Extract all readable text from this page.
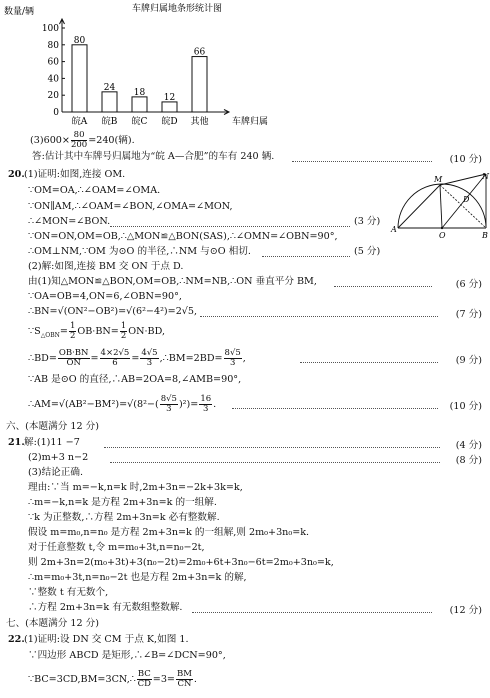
0
20
40
60
80
100
数量/辆	车牌归属地条形统计图
车牌归属
80
皖A
24
皖B
18
皖C
12
皖D
66
其他
$(3)600\times \frac{80}{200} =240$(辆).
答:估计其中车牌号归属地为“皖 A—合肥”的车有 240 辆.	(10 分)
20. (1)证明:如图,连接 OM.
∵OM=OA,∴∠OAM=∠OMA.
∵ON∥AM,∴∠OAM=∠BON,∠OMA=∠MON,
∴∠MON=∠BON.	(3 分)
∵ON=ON,OM=OB,∴△MON≌△BON(SAS),∴∠OMN=∠OBN=90°,
∴OM⊥NM,∵OM 为⊙O 的半径,∴NM 与⊙O 相切.	(5 分)
(2)解:如图,连接 BM 交 ON 于点 D.
由(1)知△MON≌△BON,OM=OB,∴NM=NB,∴ON 垂直平分 BM,	(6 分)
∵OA=OB=4,ON=6,∠OBN=90°,
∴BN=√(ON²−OB²)=√(6²−4²)=2√5,	(7 分)
$\because S_{\triangle OBN}= \frac{1}{2} OB\cdot BN= \frac{1}{2} ON\cdot BD$,
∴BD= $\frac{OB\cdot BN}{ON} = \frac{4\times 2√5}{6} = \frac{4√5}{3}$ ,∴BM=2BD= $\frac{8√5}{3}$ ,	(9 分)
∵AB 是⊙O 的直径,∴AB=2OA=8,∠AMB=90°,
∴AM=√(AB²−BM²)=√(8²−( $\frac{8√5}{3} )^2)= \frac{16}{3}$ .	(10 分)
六、(本题满分 12 分)
21. 解:(1)11 −7	(4 分)
(2)m+3 n−2	(8 分)
(3)结论正确.
理由:∵当 m=−k,n=k 时,2m+3n=−2k+3k=k,
∴m=−k,n=k 是方程 2m+3n=k 的一组解.
∵k 为正整数,∴方程 2m+3n=k 必有整数解.
假设 m=m₀,n=n₀ 是方程 2m+3n=k 的一组解,则 2m₀+3n₀=k.
对于任意整数 t,令 m=m₀+3t,n=n₀−2t,
则 2m+3n=2(m₀+3t)+3(n₀−2t)=2m₀+6t+3n₀−6t=2m₀+3n₀=k,
∴m=m₀+3t,n=n₀−2t 也是方程 2m+3n=k 的解,
∵整数 t 有无数个,
∴方程 2m+3n=k 有无数组整数解.	(12 分)
七、(本题满分 12 分)
22. (1)证明:设 DN 交 CM 于点 K,如图 1.
∵四边形 ABCD 是矩形,∴∠B=∠DCN=90°,
∵BC=3CD,BM=3CN,∴ $\frac{BC}{CD} =3= \frac{BM}{CN}$ .
M	N
D
A
O	B
